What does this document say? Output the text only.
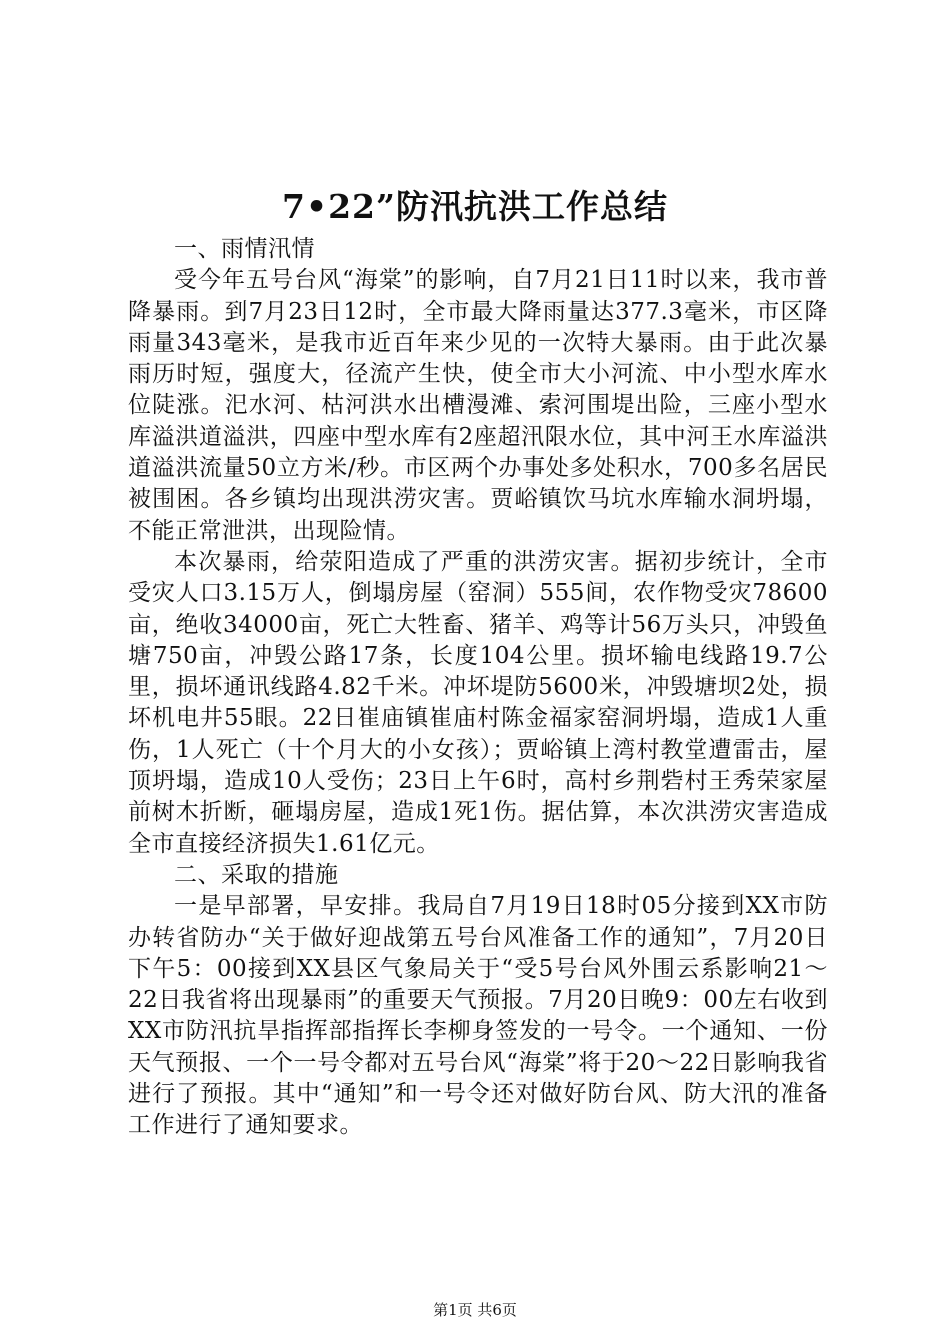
7•22”防汛抗洪工作总结

一、雨情汛情

受今年五号台风“海棠”的影响，自7月21日11时以来，我市普降暴雨。到7月23日12时，全市最大降雨量达377.3毫米，市区降雨量343毫米，是我市近百年来少见的一次特大暴雨。由于此次暴雨历时短，强度大，径流产生快，使全市大小河流、中小型水库水位陡涨。汜水河、枯河洪水出槽漫滩、索河围堤出险，三座小型水库溢洪道溢洪，四座中型水库有2座超汛限水位，其中河王水库溢洪道溢洪流量50立方米/秒。市区两个办事处多处积水，700多名居民被围困。各乡镇均出现洪涝灾害。贾峪镇饮马坑水库输水洞坍塌，不能正常泄洪，出现险情。

本次暴雨，给荥阳造成了严重的洪涝灾害。据初步统计，全市受灾人口3.15万人，倒塌房屋（窑洞）555间，农作物受灾78600亩，绝收34000亩，死亡大牲畜、猪羊、鸡等计56万头只，冲毁鱼塘750亩，冲毁公路17条，长度104公里。损坏输电线路19.7公里，损坏通讯线路4.82千米。冲坏堤防5600米，冲毁塘坝2处，损坏机电井55眼。22日崔庙镇崔庙村陈金福家窑洞坍塌，造成1人重伤，1人死亡（十个月大的小女孩）；贾峪镇上湾村教堂遭雷击，屋顶坍塌，造成10人受伤；23日上午6时，高村乡荆砦村王秀荣家屋前树木折断，砸塌房屋，造成1死1伤。据估算，本次洪涝灾害造成全市直接经济损失1.61亿元。

二、采取的措施

一是早部署，早安排。我局自7月19日18时05分接到XX市防办转省防办“关于做好迎战第五号台风准备工作的通知”，7月20日下午5：00接到XX县区气象局关于“受5号台风外围云系影响21～22日我省将出现暴雨”的重要天气预报。7月20日晚9：00左右收到XX市防汛抗旱指挥部指挥长李柳身签发的一号令。一个通知、一份天气预报、一个一号令都对五号台风“海棠”将于20～22日影响我省进行了预报。其中“通知”和一号令还对做好防台风、防大汛的准备工作进行了通知要求。

第1页 共6页
